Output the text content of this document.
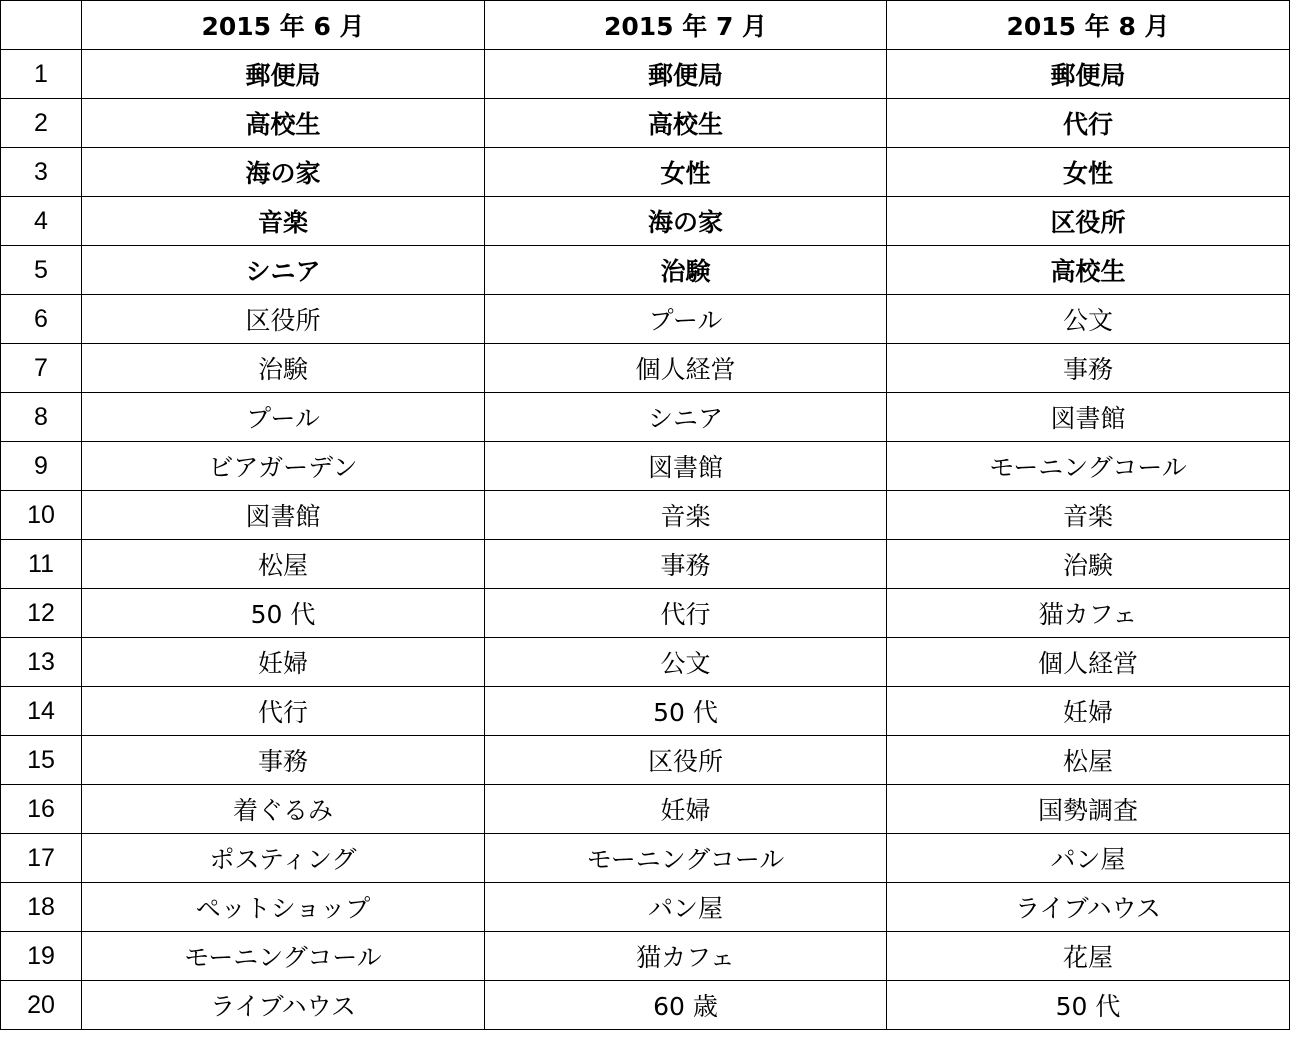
	2015 年 6 月	2015 年 7 月	2015 年 8 月
1	郵便局	郵便局	郵便局
2	高校生	高校生	代行
3	海の家	女性	女性
4	音楽	海の家	区役所
5	シニア	治験	高校生
6	区役所	プール	公文
7	治験	個人経営	事務
8	プール	シニア	図書館
9	ビアガーデン	図書館	モーニングコール
10	図書館	音楽	音楽
11	松屋	事務	治験
12	50 代	代行	猫カフェ
13	妊婦	公文	個人経営
14	代行	50 代	妊婦
15	事務	区役所	松屋
16	着ぐるみ	妊婦	国勢調査
17	ポスティング	モーニングコール	パン屋
18	ペットショップ	パン屋	ライブハウス
19	モーニングコール	猫カフェ	花屋
20	ライブハウス	60 歳	50 代
